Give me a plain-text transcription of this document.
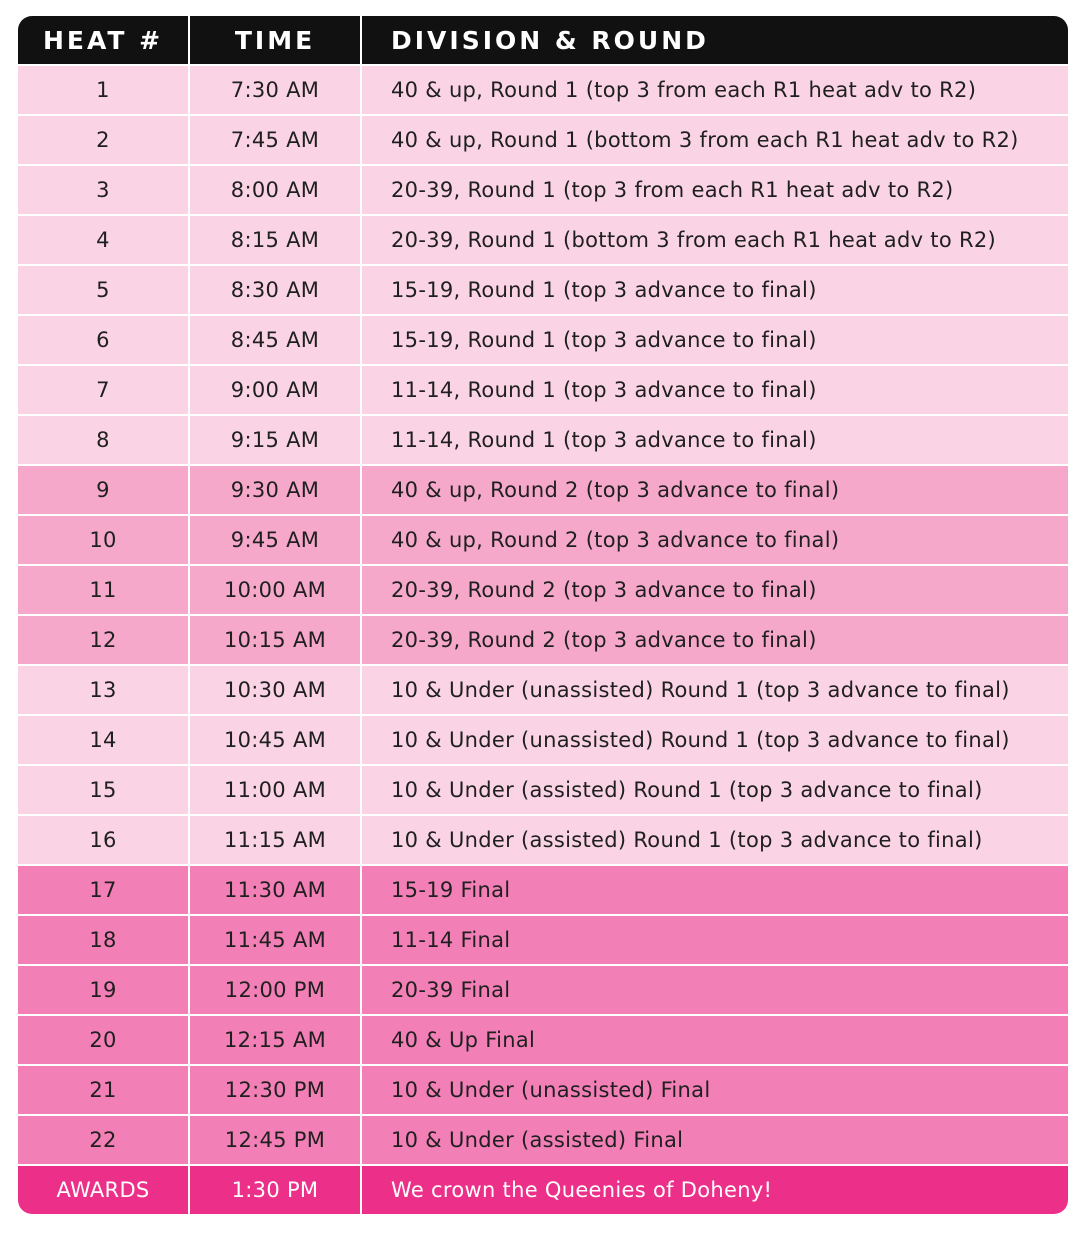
HEAT #	TIME	DIVISION & ROUND
1	7:30 AM	40 & up, Round 1 (top 3 from each R1 heat adv to R2)
2	7:45 AM	40 & up, Round 1 (bottom 3 from each R1 heat adv to R2)
3	8:00 AM	20-39, Round 1 (top 3 from each R1 heat adv to R2)
4	8:15 AM	20-39, Round 1 (bottom 3 from each R1 heat adv to R2)
5	8:30 AM	15-19, Round 1 (top 3 advance to final)
6	8:45 AM	15-19, Round 1 (top 3 advance to final)
7	9:00 AM	11-14, Round 1 (top 3 advance to final)
8	9:15 AM	11-14, Round 1 (top 3 advance to final)
9	9:30 AM	40 & up, Round 2 (top 3 advance to final)
10	9:45 AM	40 & up, Round 2 (top 3 advance to final)
11	10:00 AM	20-39, Round 2 (top 3 advance to final)
12	10:15 AM	20-39, Round 2 (top 3 advance to final)
13	10:30 AM	10 & Under (unassisted) Round 1 (top 3 advance to final)
14	10:45 AM	10 & Under (unassisted) Round 1 (top 3 advance to final)
15	11:00 AM	10 & Under (assisted) Round 1 (top 3 advance to final)
16	11:15 AM	10 & Under (assisted) Round 1 (top 3 advance to final)
17	11:30 AM	15-19 Final
18	11:45 AM	11-14 Final
19	12:00 PM	20-39 Final
20	12:15 AM	40 & Up Final
21	12:30 PM	10 & Under (unassisted) Final
22	12:45 PM	10 & Under (assisted) Final
AWARDS	1:30 PM	We crown the Queenies of Doheny!
